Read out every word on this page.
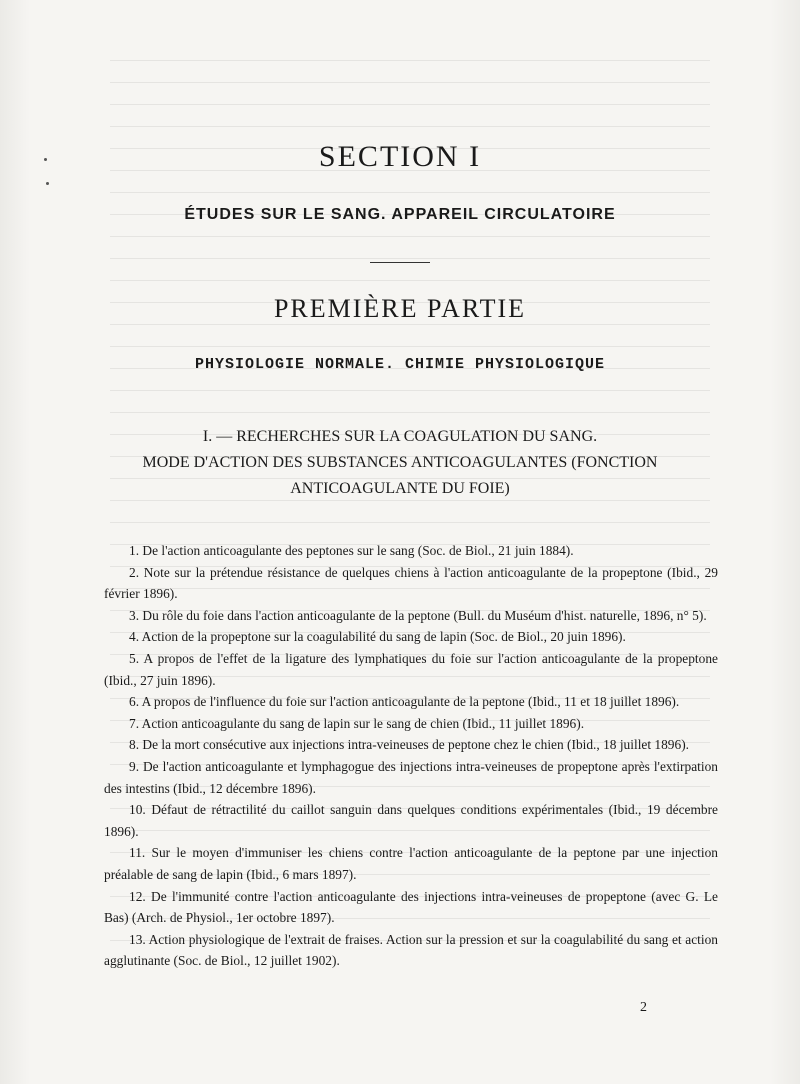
SECTION I
ÉTUDES SUR LE SANG. APPAREIL CIRCULATOIRE
PREMIÈRE PARTIE
PHYSIOLOGIE NORMALE. CHIMIE PHYSIOLOGIQUE
I. — RECHERCHES SUR LA COAGULATION DU SANG.
MODE D'ACTION DES SUBSTANCES ANTICOAGULANTES (FONCTION
ANTICOAGULANTE DU FOIE)

1. De l'action anticoagulante des peptones sur le sang (Soc. de Biol., 21 juin 1884).

2. Note sur la prétendue résistance de quelques chiens à l'action anticoagulante de la propeptone (Ibid., 29 février 1896).

3. Du rôle du foie dans l'action anticoagulante de la peptone (Bull. du Muséum d'hist. naturelle, 1896, n° 5).

4. Action de la propeptone sur la coagulabilité du sang de lapin (Soc. de Biol., 20 juin 1896).

5. A propos de l'effet de la ligature des lymphatiques du foie sur l'action anticoagulante de la propeptone (Ibid., 27 juin 1896).

6. A propos de l'influence du foie sur l'action anticoagulante de la peptone (Ibid., 11 et 18 juillet 1896).

7. Action anticoagulante du sang de lapin sur le sang de chien (Ibid., 11 juillet 1896).

8. De la mort consécutive aux injections intra-veineuses de peptone chez le chien (Ibid., 18 juillet 1896).

9. De l'action anticoagulante et lymphagogue des injections intra-veineuses de propeptone après l'extirpation des intestins (Ibid., 12 décembre 1896).

10. Défaut de rétractilité du caillot sanguin dans quelques conditions expérimentales (Ibid., 19 décembre 1896).

11. Sur le moyen d'immuniser les chiens contre l'action anticoagulante de la peptone par une injection préalable de sang de lapin (Ibid., 6 mars 1897).

12. De l'immunité contre l'action anticoagulante des injections intra-veineuses de propeptone (avec G. Le Bas) (Arch. de Physiol., 1er octobre 1897).

13. Action physiologique de l'extrait de fraises. Action sur la pression et sur la coagulabilité du sang et action agglutinante (Soc. de Biol., 12 juillet 1902).

2
